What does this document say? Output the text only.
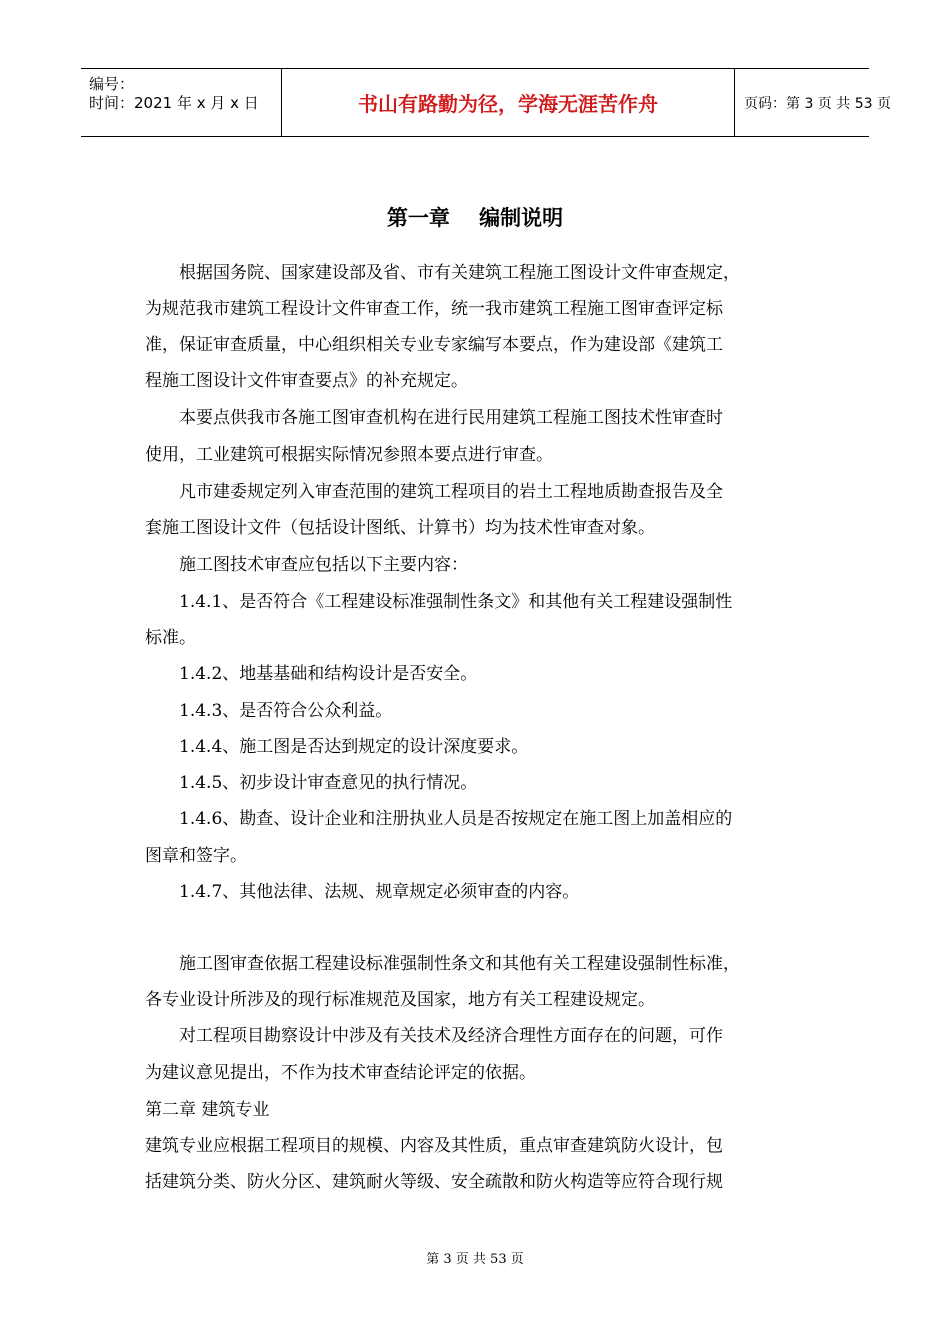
编号：
时间：2021 年 x 月 x 日	书山有路勤为径，学海无涯苦作舟	页码：第 3 页 共 53 页
第一章    编制说明
　　根据国务院、国家建设部及省、市有关建筑工程施工图设计文件审查规定，
为规范我市建筑工程设计文件审查工作，统一我市建筑工程施工图审查评定标
准，保证审查质量，中心组织相关专业专家编写本要点，作为建设部《建筑工
程施工图设计文件审查要点》的补充规定。
　　本要点供我市各施工图审查机构在进行民用建筑工程施工图技术性审查时
使用，工业建筑可根据实际情况参照本要点进行审查。
　　凡市建委规定列入审查范围的建筑工程项目的岩土工程地质勘查报告及全
套施工图设计文件（包括设计图纸、计算书）均为技术性审查对象。
　　施工图技术审查应包括以下主要内容：
　　1.4.1、是否符合《工程建设标准强制性条文》和其他有关工程建设强制性
标准。
　　1.4.2、地基基础和结构设计是否安全。
　　1.4.3、是否符合公众利益。
　　1.4.4、施工图是否达到规定的设计深度要求。
　　1.4.5、初步设计审查意见的执行情况。
　　1.4.6、勘查、设计企业和注册执业人员是否按规定在施工图上加盖相应的
图章和签字。
　　1.4.7、其他法律、法规、规章规定必须审查的内容。
　　施工图审查依据工程建设标准强制性条文和其他有关工程建设强制性标准，
各专业设计所涉及的现行标准规范及国家，地方有关工程建设规定。
　　对工程项目勘察设计中涉及有关技术及经济合理性方面存在的问题，可作
为建议意见提出，不作为技术审查结论评定的依据。
第二章 建筑专业
建筑专业应根据工程项目的规模、内容及其性质，重点审查建筑防火设计，包
括建筑分类、防火分区、建筑耐火等级、安全疏散和防火构造等应符合现行规
第 3 页 共 53 页
